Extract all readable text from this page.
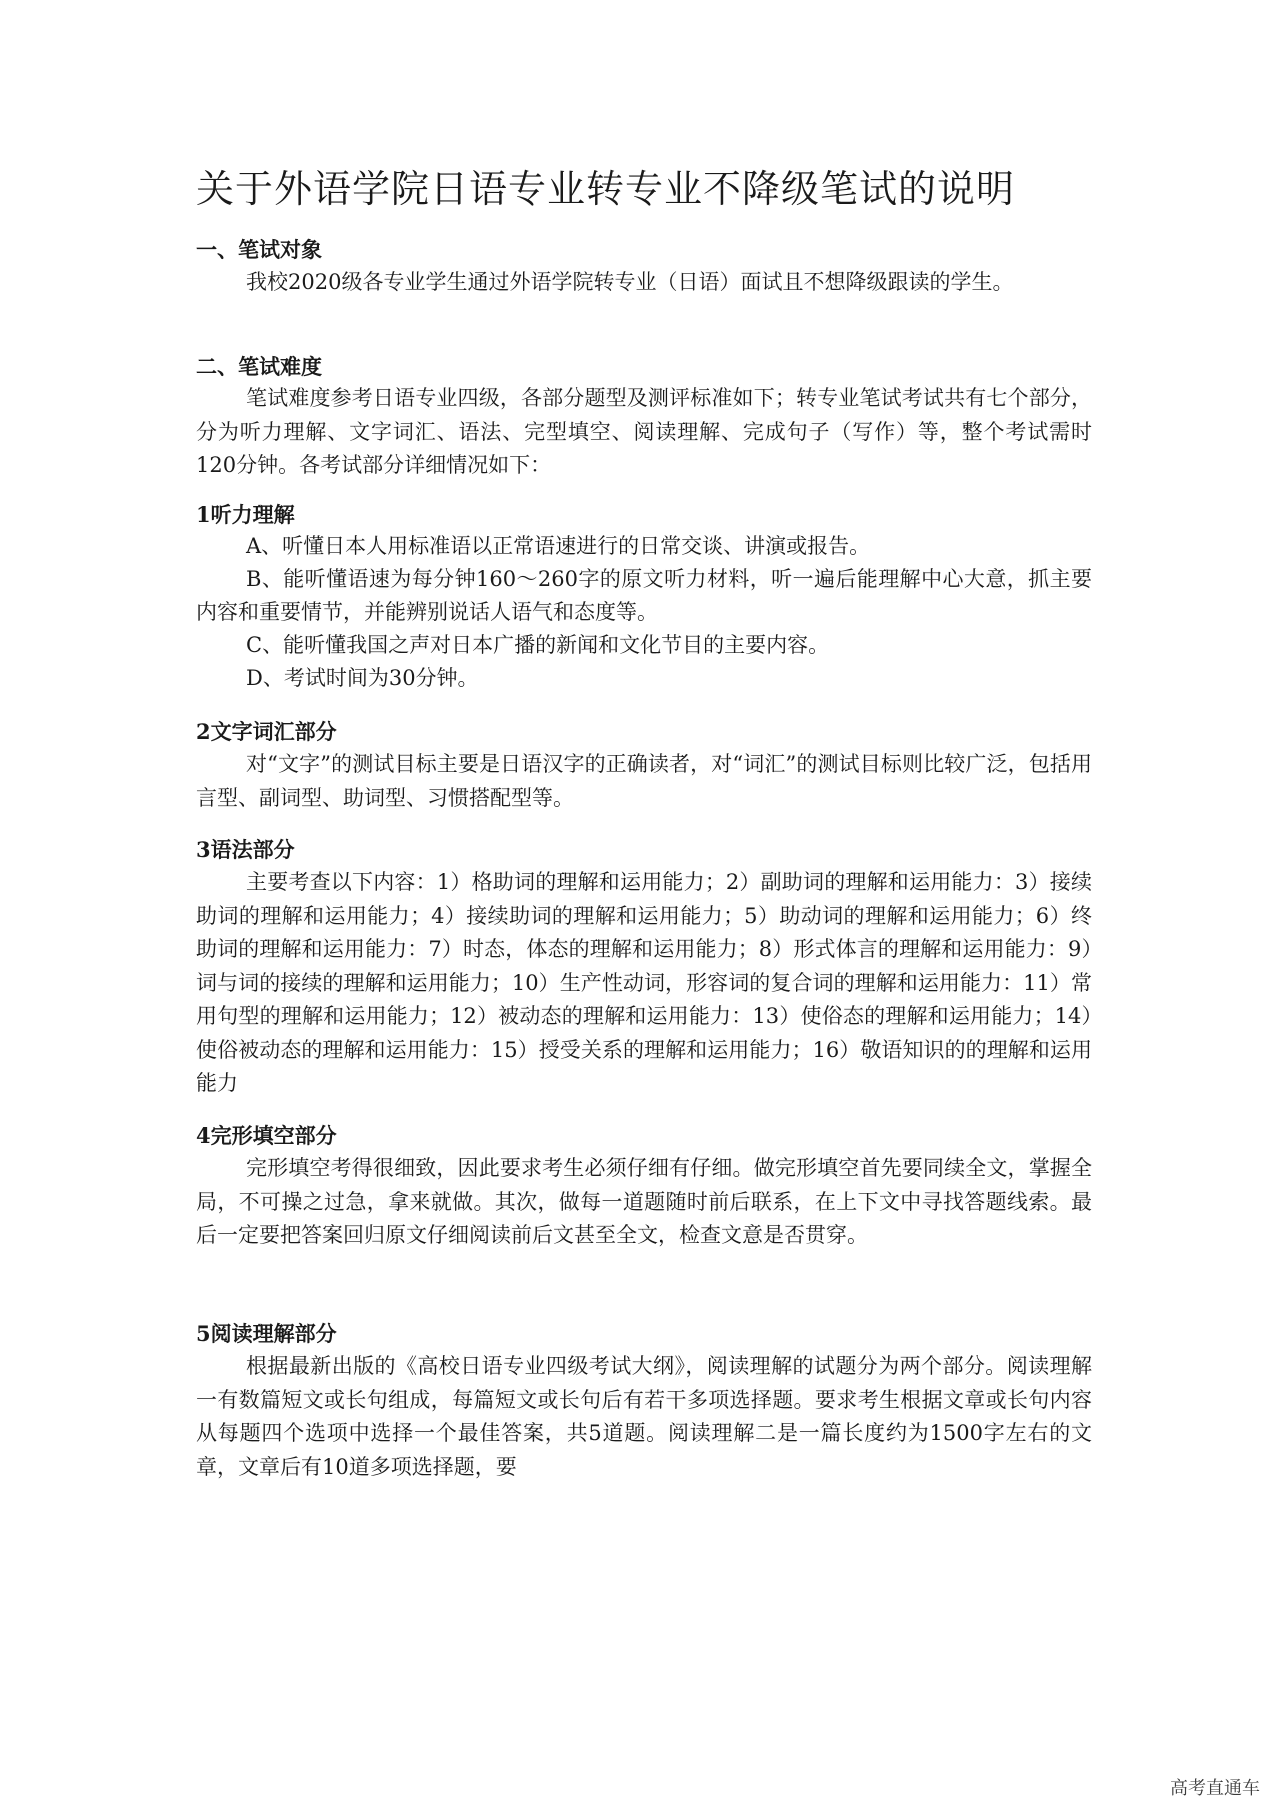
关于外语学院日语专业转专业不降级笔试的说明
一、笔试对象

我校2020级各专业学生通过外语学院转专业（日语）面试且不想降级跟读的学生。

二、笔试难度

笔试难度参考日语专业四级，各部分题型及测评标准如下；转专业笔试考试共有七个部分，分为听力理解、文字词汇、语法、完型填空、阅读理解、完成句子（写作）等，整个考试需时120分钟。各考试部分详细情况如下：

1听力理解

A、听懂日本人用标准语以正常语速进行的日常交谈、讲演或报告。

B、能听懂语速为每分钟160～260字的原文听力材料，听一遍后能理解中心大意，抓主要内容和重要情节，并能辨别说话人语气和态度等。

C、能听懂我国之声对日本广播的新闻和文化节目的主要内容。

D、考试时间为30分钟。

2文字词汇部分

对“文字”的测试目标主要是日语汉字的正确读者，对“词汇”的测试目标则比较广泛，包括用言型、副词型、助词型、习惯搭配型等。

3语法部分

主要考查以下内容：1）格助词的理解和运用能力；2）副助词的理解和运用能力：3）接续助词的理解和运用能力；4）接续助词的理解和运用能力；5）助动词的理解和运用能力；6）终助词的理解和运用能力：7）时态，体态的理解和运用能力；8）形式体言的理解和运用能力：9）词与词的接续的理解和运用能力；10）生产性动词，形容词的复合词的理解和运用能力：11）常用句型的理解和运用能力；12）被动态的理解和运用能力：13）使俗态的理解和运用能力；14）使俗被动态的理解和运用能力：15）授受关系的理解和运用能力；16）敬语知识的的理解和运用能力

4完形填空部分

完形填空考得很细致，因此要求考生必须仔细有仔细。做完形填空首先要同续全文，掌握全局，不可操之过急，拿来就做。其次，做每一道题随时前后联系，在上下文中寻找答题线索。最后一定要把答案回归原文仔细阅读前后文甚至全文，检查文意是否贯穿。

5阅读理解部分

根据最新出版的《高校日语专业四级考试大纲》，阅读理解的试题分为两个部分。阅读理解一有数篇短文或长句组成，每篇短文或长句后有若干多项选择题。要求考生根据文章或长句内容从每题四个选项中选择一个最佳答案，共5道题。阅读理解二是一篇长度约为1500字左右的文章，文章后有10道多项选择题，要

高考直通车
